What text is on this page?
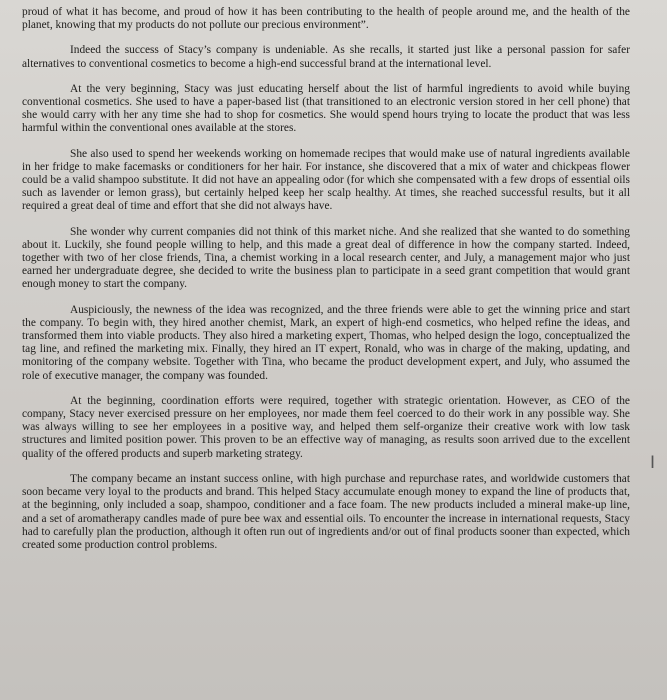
proud of what it has become, and proud of how it has been contributing to the health of people around me, and the health of the planet, knowing that my products do not pollute our precious environment”.

Indeed the success of Stacy’s company is undeniable. As she recalls, it started just like a personal passion for safer alternatives to conventional cosmetics to become a high-end successful brand at the international level.

At the very beginning, Stacy was just educating herself about the list of harmful ingredients to avoid while buying conventional cosmetics. She used to have a paper-based list (that transitioned to an electronic version stored in her cell phone) that she would carry with her any time she had to shop for cosmetics. She would spend hours trying to locate the product that was less harmful within the conventional ones available at the stores.

She also used to spend her weekends working on homemade recipes that would make use of natural ingredients available in her fridge to make facemasks or conditioners for her hair. For instance, she discovered that a mix of water and chickpeas flower could be a valid shampoo substitute. It did not have an appealing odor (for which she compensated with a few drops of essential oils such as lavender or lemon grass), but certainly helped keep her scalp healthy. At times, she reached successful results, but it all required a great deal of time and effort that she did not always have.

She wonder why current companies did not think of this market niche. And she realized that she wanted to do something about it. Luckily, she found people willing to help, and this made a great deal of difference in how the company started. Indeed, together with two of her close friends, Tina, a chemist working in a local research center, and July, a management major who just earned her undergraduate degree, she decided to write the business plan to participate in a seed grant competition that would grant enough money to start the company.

Auspiciously, the newness of the idea was recognized, and the three friends were able to get the winning price and start the company. To begin with, they hired another chemist, Mark, an expert of high-end cosmetics, who helped refine the ideas, and transformed them into viable products. They also hired a marketing expert, Thomas, who helped design the logo, conceptualized the tag line, and refined the marketing mix. Finally, they hired an IT expert, Ronald, who was in charge of the making, updating, and monitoring of the company website. Together with Tina, who became the product development expert, and July, who assumed the role of executive manager, the company was founded.

At the beginning, coordination efforts were required, together with strategic orientation. However, as CEO of the company, Stacy never exercised pressure on her employees, nor made them feel coerced to do their work in any possible way. She was always willing to see her employees in a positive way, and helped them self-organize their creative work with low task structures and limited position power. This proven to be an effective way of managing, as results soon arrived due to the excellent quality of the offered products and superb marketing strategy.

The company became an instant success online, with high purchase and repurchase rates, and worldwide customers that soon became very loyal to the products and brand. This helped Stacy accumulate enough money to expand the line of products that, at the beginning, only included a soap, shampoo, conditioner and a face foam. The new products included a mineral make-up line, and a set of aromatherapy candles made of pure bee wax and essential oils. To encounter the increase in international requests, Stacy had to carefully plan the production, although it often run out of ingredients and/or out of final products sooner than expected, which created some production control problems.

I
